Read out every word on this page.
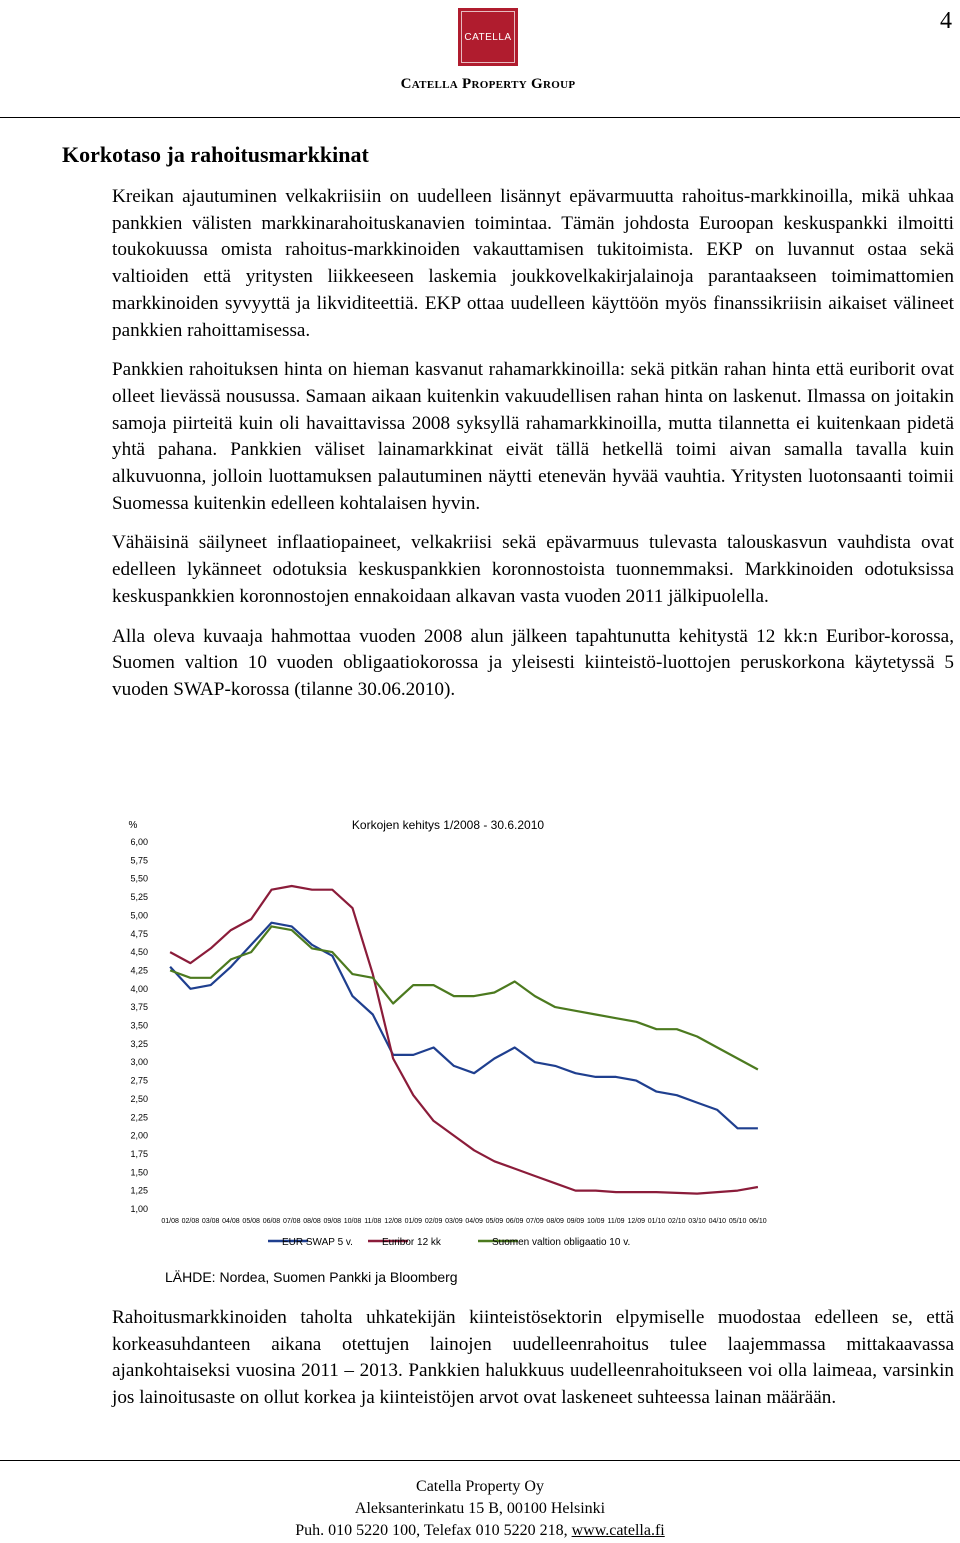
4
CATELLA
Catella Property Group
Korkotaso ja rahoitusmarkkinat

Kreikan ajautuminen velkakriisiin on uudelleen lisännyt epävarmuutta rahoitus-markkinoilla, mikä uhkaa pankkien välisten markkinarahoituskanavien toimintaa. Tämän johdosta Euroopan keskuspankki ilmoitti toukokuussa omista rahoitus-markkinoiden vakauttamisen tukitoimista. EKP on luvannut ostaa sekä valtioiden että yritysten liikkeeseen laskemia joukkovelkakirjalainoja parantaakseen toimimattomien markkinoiden syvyyttä ja likviditeettiä. EKP ottaa uudelleen käyttöön myös finanssikriisin aikaiset välineet pankkien rahoittamisessa.

Pankkien rahoituksen hinta on hieman kasvanut rahamarkkinoilla: sekä pitkän rahan hinta että euriborit ovat olleet lievässä nousussa. Samaan aikaan kuitenkin vakuudellisen rahan hinta on laskenut. Ilmassa on joitakin samoja piirteitä kuin oli havaittavissa 2008 syksyllä rahamarkkinoilla, mutta tilannetta ei kuitenkaan pidetä yhtä pahana. Pankkien väliset lainamarkkinat eivät tällä hetkellä toimi aivan samalla tavalla kuin alkuvuonna, jolloin luottamuksen palautuminen näytti etenevän hyvää vauhtia. Yritysten luotonsaanti toimii Suomessa kuitenkin edelleen kohtalaisen hyvin.

Vähäisinä säilyneet inflaatiopaineet, velkakriisi sekä epävarmuus tulevasta talouskasvun vauhdista ovat edelleen lykänneet odotuksia keskuspankkien koronnostoista tuonnemmaksi. Markkinoiden odotuksissa keskuspankkien koronnostojen ennakoidaan alkavan vasta vuoden 2011 jälkipuolella.

Alla oleva kuvaaja hahmottaa vuoden 2008 alun jälkeen tapahtunutta kehitystä 12 kk:n Euribor-korossa, Suomen valtion 10 vuoden obligaatiokorossa ja yleisesti kiinteistö-luottojen peruskorkona käytetyssä 5 vuoden SWAP-korossa (tilanne 30.06.2010).

%	Korkojen kehitys 1/2008 - 30.6.2010
6,00
5,75
5,50
5,25
5,00
4,75
4,50
4,25
4,00
3,75
3,50
3,25
3,00
2,75
2,50
2,25
2,00
1,75
1,50
1,25
1,00
01/08 02/08 03/08 04/08 05/08 06/08 07/08 08/08 09/08 10/08 11/08 12/08 01/09 02/09 03/09 04/09 05/09 06/09 07/09 08/09 09/09 10/09 11/09 12/09 01/10 02/10 03/10 04/10 05/10 06/10
EUR SWAP 5 v.	Euribor 12 kk	Suomen valtion obligaatio 10 v.
LÄHDE: Nordea, Suomen Pankki ja Bloomberg

Rahoitusmarkkinoiden taholta uhkatekijän kiinteistösektorin elpymiselle muodostaa edelleen se, että korkeasuhdanteen aikana otettujen lainojen uudelleenrahoitus tulee laajemmassa mittakaavassa ajankohtaiseksi vuosina 2011 – 2013. Pankkien halukkuus uudelleenrahoitukseen voi olla laimeaa, varsinkin jos lainoitusaste on ollut korkea ja kiinteistöjen arvot ovat laskeneet suhteessa lainan määrään.

Catella Property Oy
Aleksanterinkatu 15 B, 00100 Helsinki
Puh. 010 5220 100, Telefax 010 5220 218, www.catella.fi
